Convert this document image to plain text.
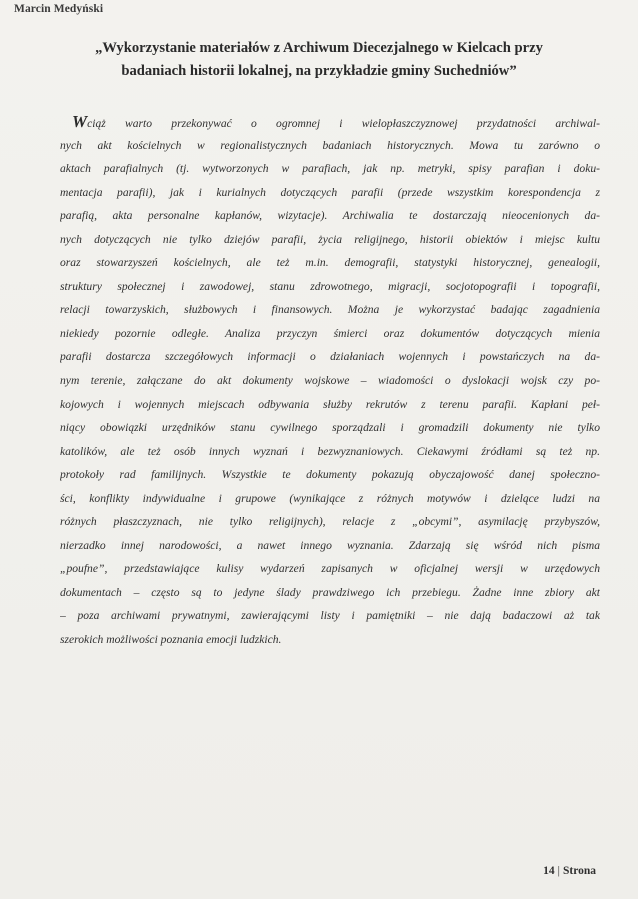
Marcin Medyński
„Wykorzystanie materiałów z Archiwum Diecezjalnego w Kielcach przy
badaniach historii lokalnej, na przykładzie gminy Suchedniów”
Wciąż warto przekonywać o ogromnej i wielopłaszczyznowej przydatności archiwal-
nych akt kościelnych w regionalistycznych badaniach historycznych. Mowa tu zarówno o
aktach parafialnych (tj. wytworzonych w parafiach, jak np. metryki, spisy parafian i doku-
mentacja parafii), jak i kurialnych dotyczących parafii (przede wszystkim korespondencja z
parafią, akta personalne kapłanów, wizytacje). Archiwalia te dostarczają nieocenionych da-
nych dotyczących nie tylko dziejów parafii, życia religijnego, historii obiektów i miejsc kultu
oraz stowarzyszeń kościelnych, ale też m.in. demografii, statystyki historycznej, genealogii,
struktury społecznej i zawodowej, stanu zdrowotnego, migracji, socjotopografii i topografii,
relacji towarzyskich, służbowych i finansowych. Można je wykorzystać badając zagadnienia
niekiedy pozornie odległe. Analiza przyczyn śmierci oraz dokumentów dotyczących mienia
parafii dostarcza szczegółowych informacji o działaniach wojennych i powstańczych na da-
nym terenie, załączane do akt dokumenty wojskowe – wiadomości o dyslokacji wojsk czy po-
kojowych i wojennych miejscach odbywania służby rekrutów z terenu parafii. Kapłani peł-
niący obowiązki urzędników stanu cywilnego sporządzali i gromadzili dokumenty nie tylko
katolików, ale też osób innych wyznań i bezwyznaniowych. Ciekawymi źródłami są też np.
protokoły rad familijnych. Wszystkie te dokumenty pokazują obyczajowość danej społeczno-
ści, konflikty indywidualne i grupowe (wynikające z różnych motywów i dzielące ludzi na
różnych płaszczyznach, nie tylko religijnych), relacje z „obcymi”, asymilację przybyszów,
nierzadko innej narodowości, a nawet innego wyznania. Zdarzają się wśród nich pisma
„poufne”, przedstawiające kulisy wydarzeń zapisanych w oficjalnej wersji w urzędowych
dokumentach – często są to jedyne ślady prawdziwego ich przebiegu. Żadne inne zbiory akt
– poza archiwami prywatnymi, zawierającymi listy i pamiętniki – nie dają badaczowi aż tak
szerokich możliwości poznania emocji ludzkich.
14 | Strona
